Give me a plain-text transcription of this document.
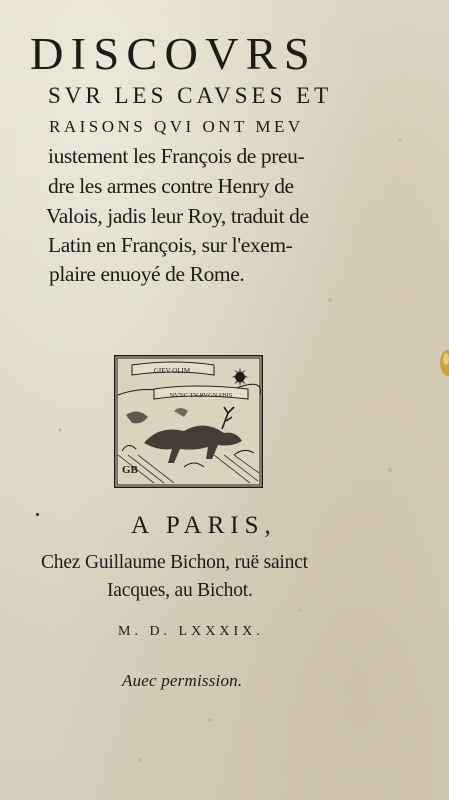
DISCOVRS
SVR LES CAVSES ET
RAISONS QVI ONT MEV
iustement les François de preu-
dre les armes contre Henry de
Valois, jadis leur Roy, traduit de
Latin en François, sur l'exem-
plaire enuoyé de Rome.
GIEV OLIM
NVNC TV PVGNABIS
GB
A PARIS,
Chez Guillaume Bichon, ruë sainct
Iacques, au Bichot.
M. D. LXXXIX.
Auec permission.
